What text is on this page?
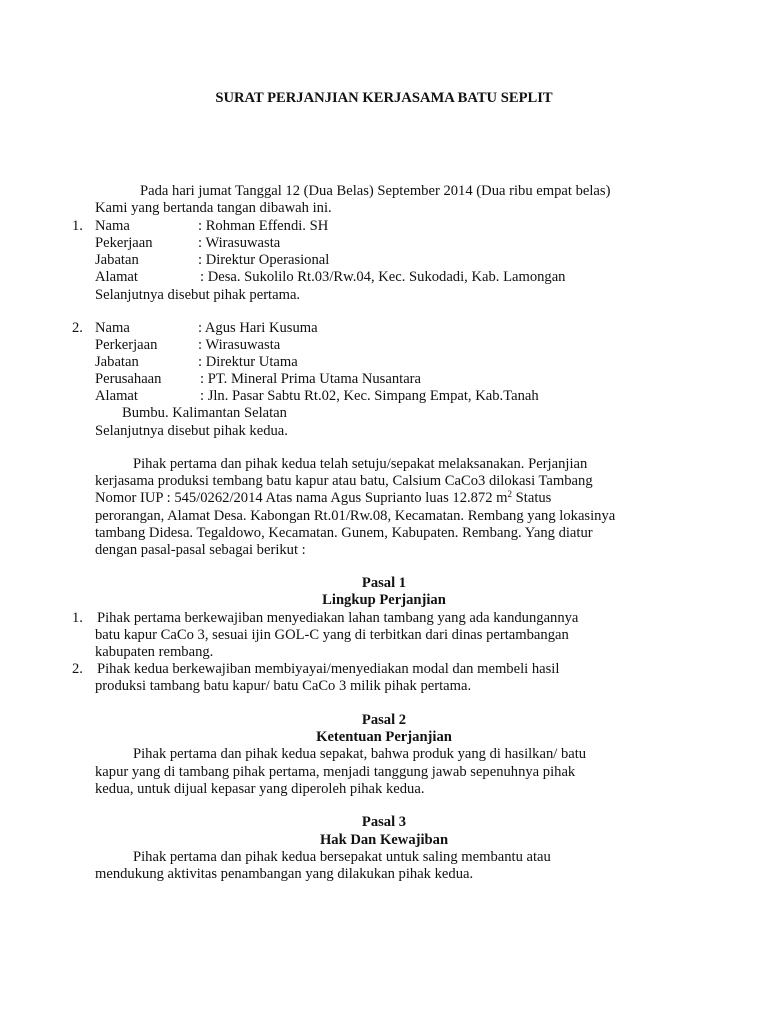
SURAT PERJANJIAN KERJASAMA BATU SEPLIT
Pada hari jumat Tanggal 12 (Dua Belas) September 2014 (Dua ribu empat belas)
Kami yang bertanda tangan dibawah ini.
1. Nama	: Rohman Effendi. SH
Pekerjaan	: Wirasuwasta
Jabatan	: Direktur Operasional
Alamat	: Desa. Sukolilo Rt.03/Rw.04, Kec. Sukodadi, Kab. Lamongan
Selanjutnya disebut pihak pertama.
2. Nama	: Agus Hari Kusuma
Perkerjaan	: Wirasuwasta
Jabatan	: Direktur Utama
Perusahaan	: PT. Mineral Prima Utama Nusantara
Alamat	: Jln. Pasar Sabtu Rt.02, Kec. Simpang Empat, Kab.Tanah
Bumbu. Kalimantan Selatan
Selanjutnya disebut pihak kedua.
Pihak pertama dan pihak kedua telah setuju/sepakat melaksanakan. Perjanjian
kerjasama produksi tembang batu kapur atau batu, Calsium CaCo3 dilokasi Tambang
Nomor IUP : 545/0262/2014 Atas nama Agus Suprianto luas 12.872 $m^2$ Status
perorangan, Alamat Desa. Kabongan Rt.01/Rw.08, Kecamatan. Rembang yang lokasinya
tambang Didesa. Tegaldowo, Kecamatan. Gunem, Kabupaten. Rembang. Yang diatur
dengan pasal-pasal sebagai berikut :
Pasal 1
Lingkup Perjanjian
1. Pihak pertama berkewajiban menyediakan lahan tambang yang ada kandungannya
batu kapur CaCo 3, sesuai ijin GOL-C yang di terbitkan dari dinas pertambangan
kabupaten rembang.
2. Pihak kedua berkewajiban membiyayai/menyediakan modal dan membeli hasil
produksi tambang batu kapur/ batu CaCo 3 milik pihak pertama.
Pasal 2
Ketentuan Perjanjian
Pihak pertama dan pihak kedua sepakat, bahwa produk yang di hasilkan/ batu
kapur yang di tambang pihak pertama, menjadi tanggung jawab sepenuhnya pihak
kedua, untuk dijual kepasar yang diperoleh pihak kedua.
Pasal 3
Hak Dan Kewajiban
Pihak pertama dan pihak kedua bersepakat untuk saling membantu atau
mendukung aktivitas penambangan yang dilakukan pihak kedua.
